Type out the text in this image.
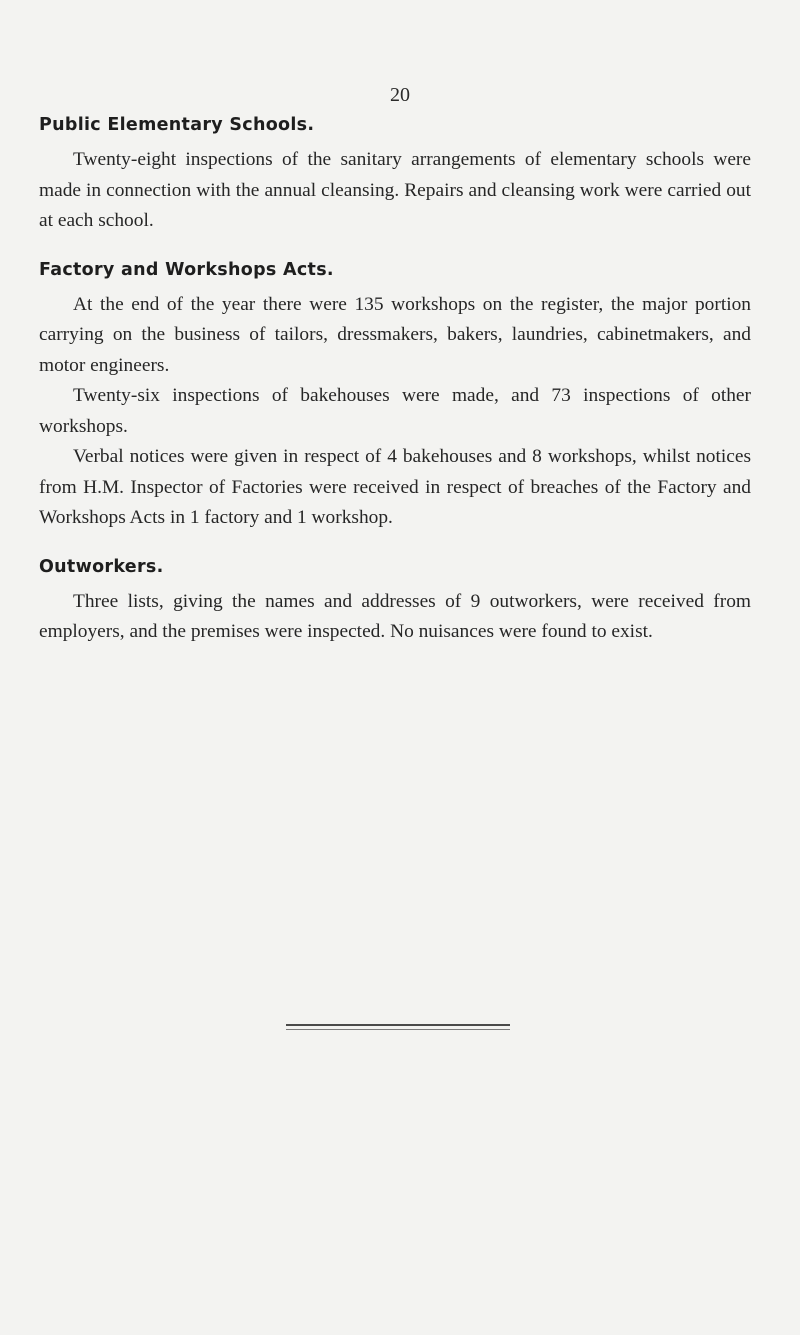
20
Public Elementary Schools.

Twenty-eight inspections of the sanitary arrangements of elementary schools were made in connection with the annual cleansing. Repairs and cleansing work were carried out at each school.

Factory and Workshops Acts.

At the end of the year there were 135 workshops on the register, the major portion carrying on the business of tailors, dressmakers, bakers, laundries, cabinetmakers, and motor engineers.

Twenty-six inspections of bakehouses were made, and 73 inspections of other workshops.

Verbal notices were given in respect of 4 bakehouses and 8 workshops, whilst notices from H.M. Inspector of Factories were received in respect of breaches of the Factory and Workshops Acts in 1 factory and 1 workshop.

Outworkers.

Three lists, giving the names and addresses of 9 outworkers, were received from employers, and the premises were inspected. No nuisances were found to exist.
